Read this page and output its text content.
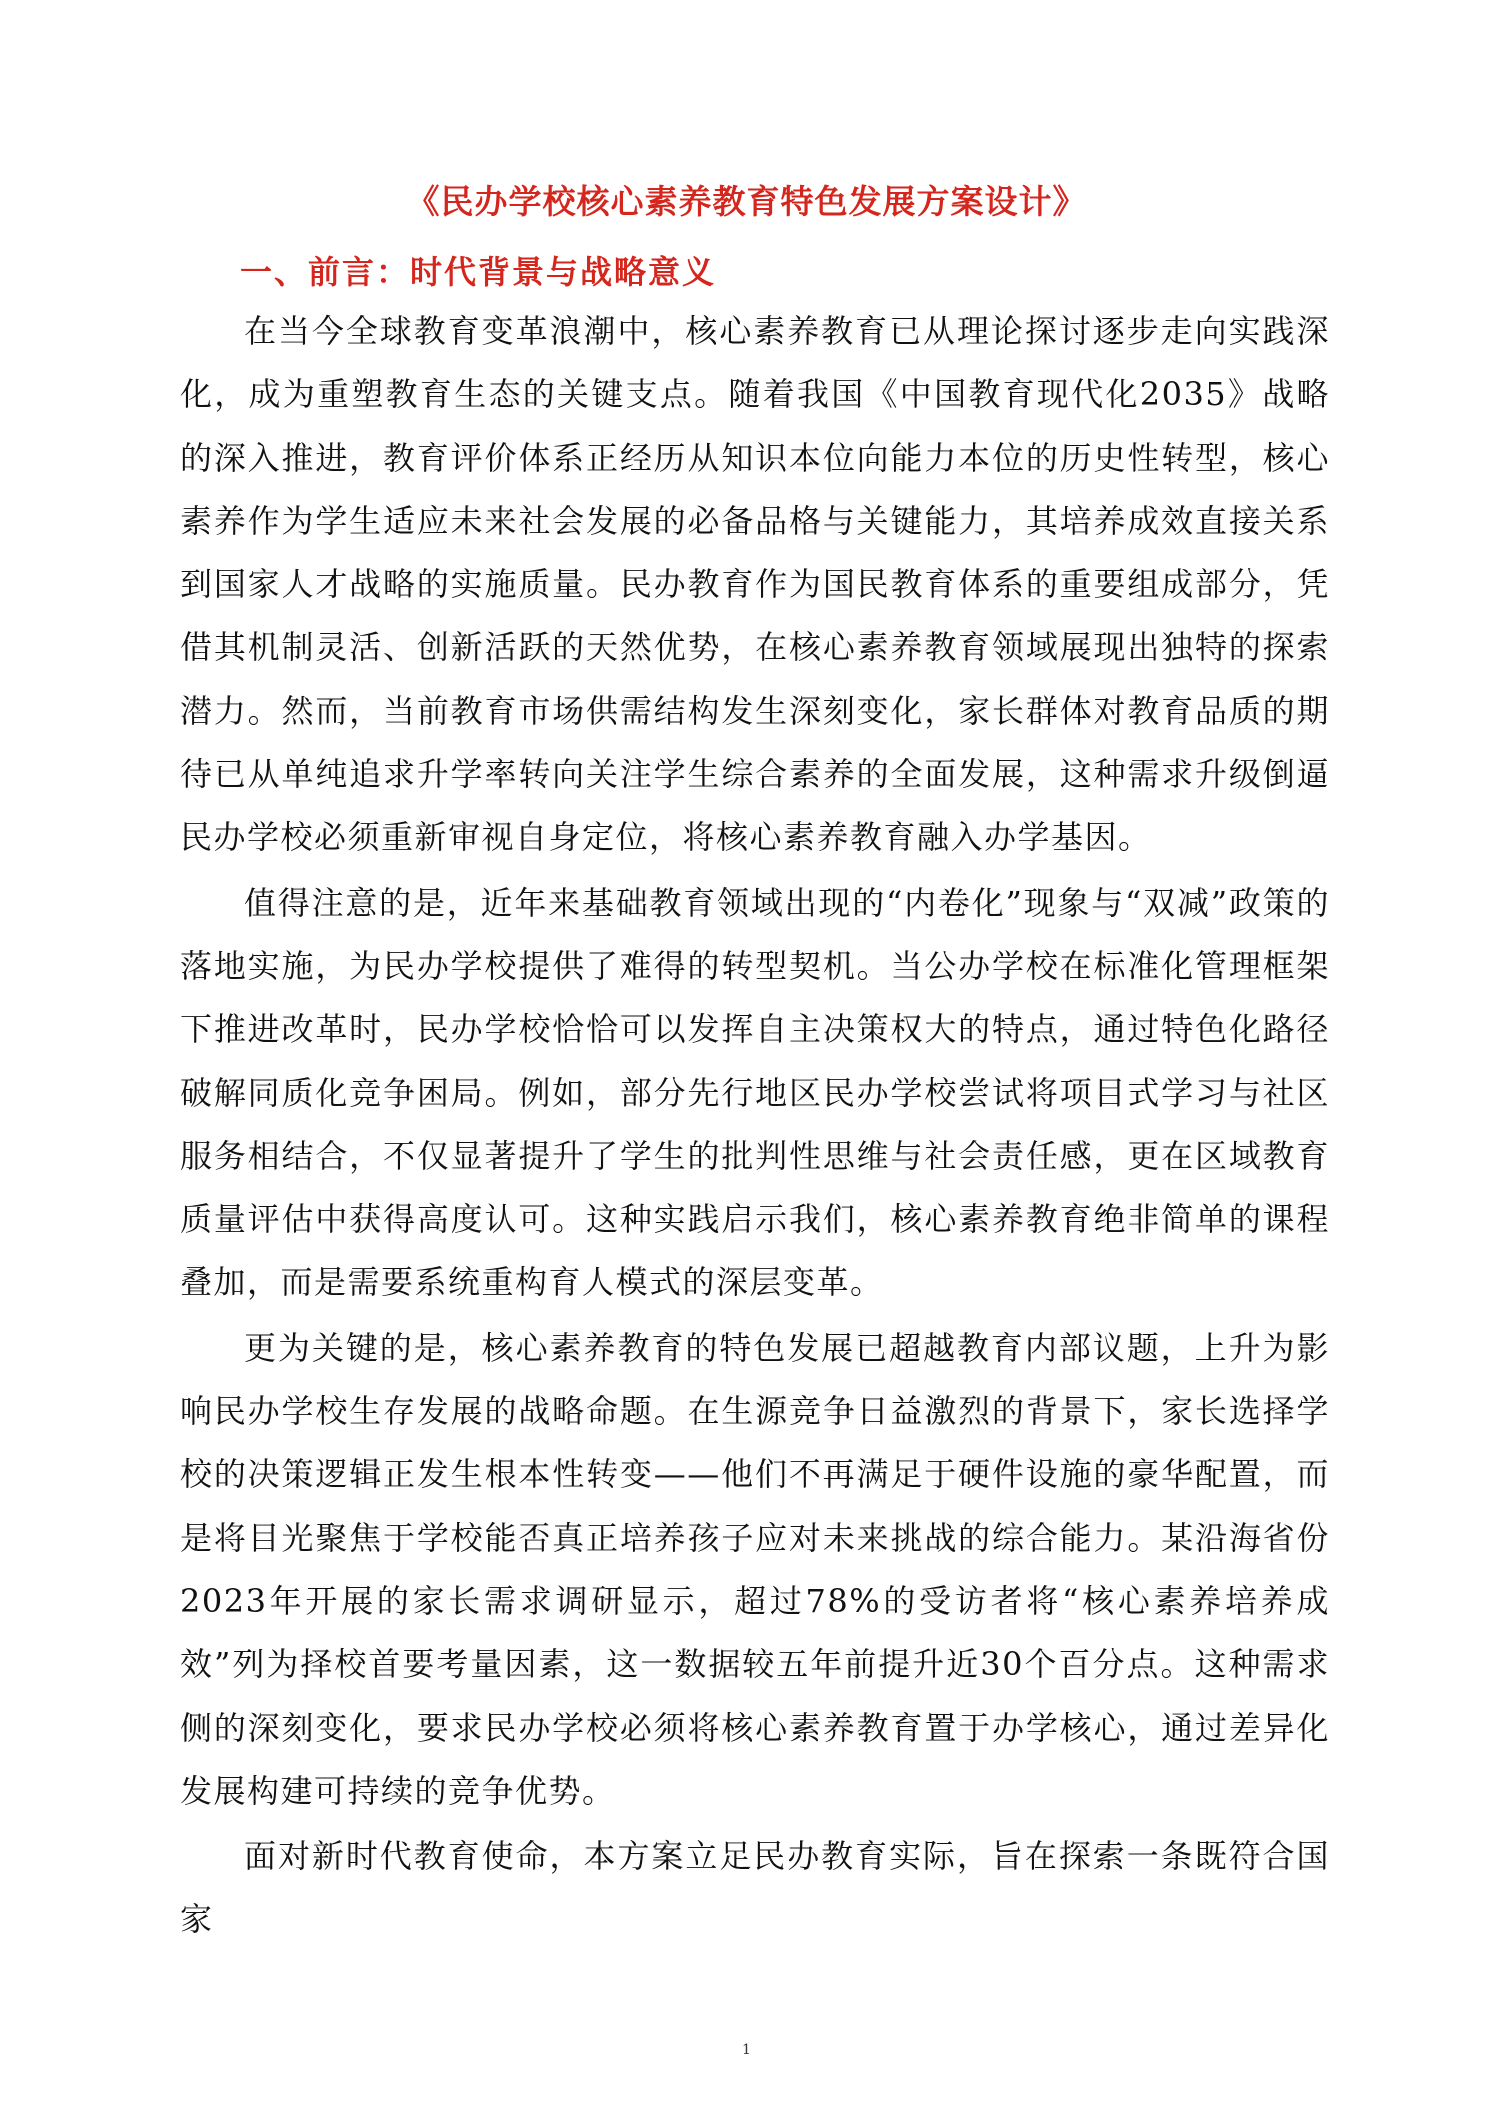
《民办学校核心素养教育特色发展方案设计》
一、前言：时代背景与战略意义

在当今全球教育变革浪潮中，核心素养教育已从理论探讨逐步走向实践深化，成为重塑教育生态的关键支点。随着我国《中国教育现代化2035》战略的深入推进，教育评价体系正经历从知识本位向能力本位的历史性转型，核心素养作为学生适应未来社会发展的必备品格与关键能力，其培养成效直接关系到国家人才战略的实施质量。民办教育作为国民教育体系的重要组成部分，凭借其机制灵活、创新活跃的天然优势，在核心素养教育领域展现出独特的探索潜力。然而，当前教育市场供需结构发生深刻变化，家长群体对教育品质的期待已从单纯追求升学率转向关注学生综合素养的全面发展，这种需求升级倒逼民办学校必须重新审视自身定位，将核心素养教育融入办学基因。

值得注意的是，近年来基础教育领域出现的“内卷化”现象与“双减”政策的落地实施，为民办学校提供了难得的转型契机。当公办学校在标准化管理框架下推进改革时，民办学校恰恰可以发挥自主决策权大的特点，通过特色化路径破解同质化竞争困局。例如，部分先行地区民办学校尝试将项目式学习与社区服务相结合，不仅显著提升了学生的批判性思维与社会责任感，更在区域教育质量评估中获得高度认可。这种实践启示我们，核心素养教育绝非简单的课程叠加，而是需要系统重构育人模式的深层变革。

更为关键的是，核心素养教育的特色发展已超越教育内部议题，上升为影响民办学校生存发展的战略命题。在生源竞争日益激烈的背景下，家长选择学校的决策逻辑正发生根本性转变——他们不再满足于硬件设施的豪华配置，而是将目光聚焦于学校能否真正培养孩子应对未来挑战的综合能力。某沿海省份2023年开展的家长需求调研显示，超过78%的受访者将“核心素养培养成效”列为择校首要考量因素，这一数据较五年前提升近30个百分点。这种需求侧的深刻变化，要求民办学校必须将核心素养教育置于办学核心，通过差异化发展构建可持续的竞争优势。

面对新时代教育使命，本方案立足民办教育实际，旨在探索一条既符合国家

1
